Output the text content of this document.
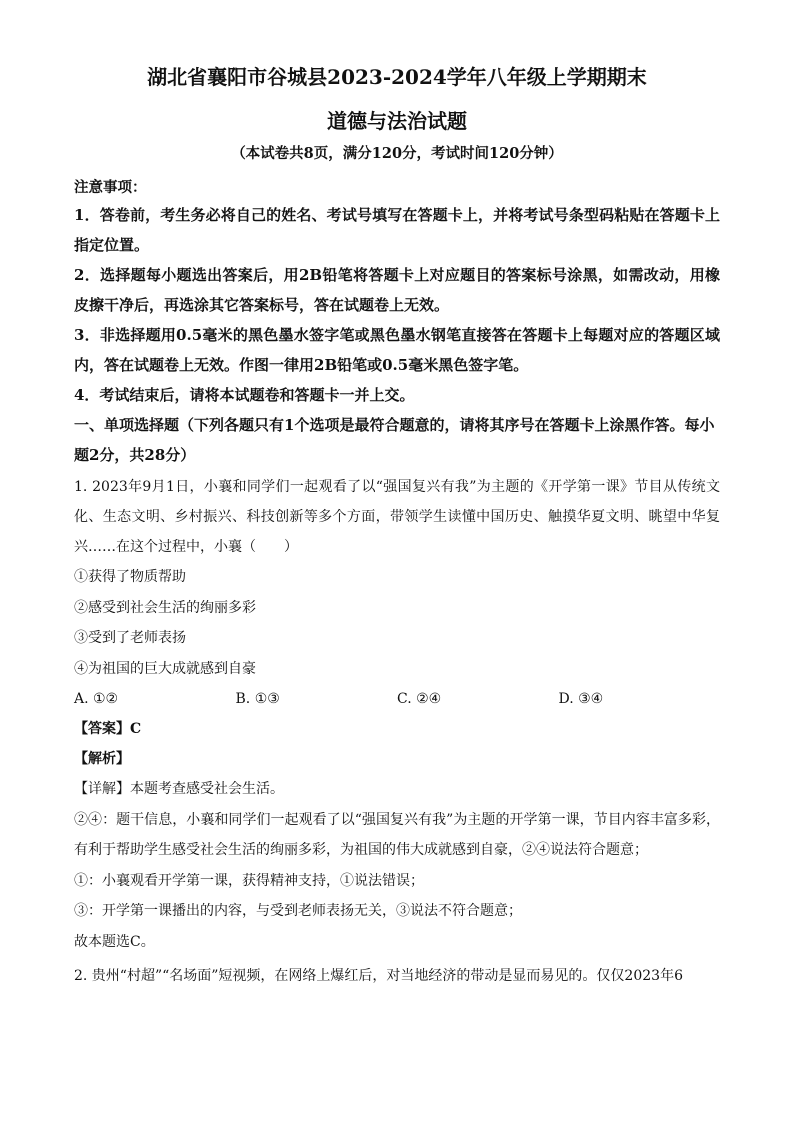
湖北省襄阳市谷城县2023-2024学年八年级上学期期末
道德与法治试题

（本试卷共8页，满分120分，考试时间120分钟）

注意事项：

1．答卷前，考生务必将自己的姓名、考试号填写在答题卡上，并将考试号条型码粘贴在答题卡上指定位置。

2．选择题每小题选出答案后，用2B铅笔将答题卡上对应题目的答案标号涂黑，如需改动，用橡皮擦干净后，再选涂其它答案标号，答在试题卷上无效。

3．非选择题用0.5毫米的黑色墨水签字笔或黑色墨水钢笔直接答在答题卡上每题对应的答题区域内，答在试题卷上无效。作图一律用2B铅笔或0.5毫米黑色签字笔。

4．考试结束后，请将本试题卷和答题卡一并上交。

一、单项选择题（下列各题只有1个选项是最符合题意的，请将其序号在答题卡上涂黑作答。每小题2分，共28分）

1. 2023年9月1日，小襄和同学们一起观看了以“强国复兴有我”为主题的《开学第一课》节目从传统文化、生态文明、乡村振兴、科技创新等多个方面，带领学生读懂中国历史、触摸华夏文明、眺望中华复兴……在这个过程中，小襄（　　）

①获得了物质帮助

②感受到社会生活的绚丽多彩

③受到了老师表扬

④为祖国的巨大成就感到自豪

A. ①②	B. ①③	C. ②④	D. ③④

【答案】C

【解析】

【详解】本题考查感受社会生活。

②④：题干信息，小襄和同学们一起观看了以“强国复兴有我”为主题的开学第一课，节目内容丰富多彩，有利于帮助学生感受社会生活的绚丽多彩，为祖国的伟大成就感到自豪，②④说法符合题意；

①：小襄观看开学第一课，获得精神支持，①说法错误；

③：开学第一课播出的内容，与受到老师表扬无关，③说法不符合题意；

故本题选C。

2. 贵州“村超”“名场面”短视频，在网络上爆红后，对当地经济的带动是显而易见的。仅仅2023年6
